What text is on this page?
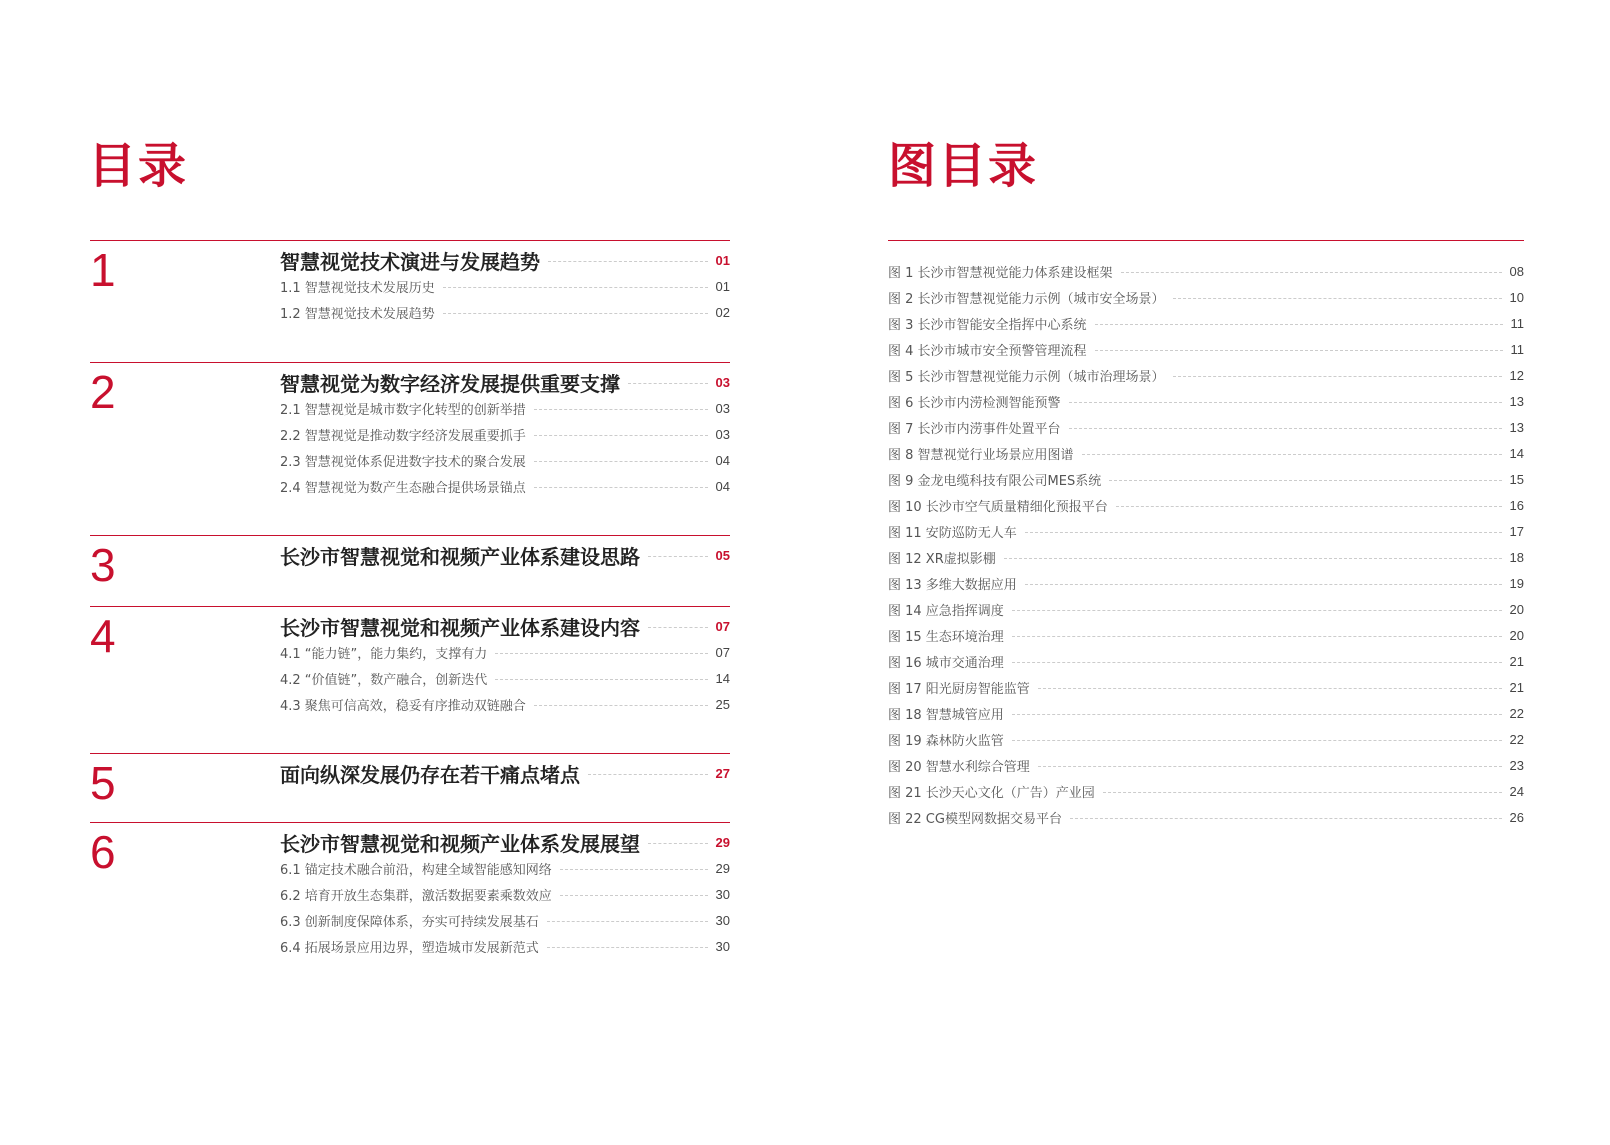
目录	图目录
1	智慧视觉技术演进与发展趋势	01
1.1 智慧视觉技术发展历史	01
1.2 智慧视觉技术发展趋势	02
2	智慧视觉为数字经济发展提供重要支撑	03
2.1 智慧视觉是城市数字化转型的创新举措	03
2.2 智慧视觉是推动数字经济发展重要抓手	03
2.3 智慧视觉体系促进数字技术的聚合发展	04
2.4 智慧视觉为数产生态融合提供场景锚点	04
3	长沙市智慧视觉和视频产业体系建设思路	05
4	长沙市智慧视觉和视频产业体系建设内容	07
4.1 “能力链”，能力集约，支撑有力	07
4.2 “价值链”，数产融合，创新迭代	14
4.3 聚焦可信高效，稳妥有序推动双链融合	25
5	面向纵深发展仍存在若干痛点堵点	27
6	长沙市智慧视觉和视频产业体系发展展望	29
6.1 锚定技术融合前沿，构建全域智能感知网络	29
6.2 培育开放生态集群，激活数据要素乘数效应	30
6.3 创新制度保障体系，夯实可持续发展基石	30
6.4 拓展场景应用边界，塑造城市发展新范式	30
图 1 长沙市智慧视觉能力体系建设框架	08
图 2 长沙市智慧视觉能力示例（城市安全场景）	10
图 3 长沙市智能安全指挥中心系统	11
图 4 长沙市城市安全预警管理流程	11
图 5 长沙市智慧视觉能力示例（城市治理场景）	12
图 6 长沙市内涝检测智能预警	13
图 7 长沙市内涝事件处置平台	13
图 8 智慧视觉行业场景应用图谱	14
图 9 金龙电缆科技有限公司MES系统	15
图 10 长沙市空气质量精细化预报平台	16
图 11 安防巡防无人车	17
图 12 XR虚拟影棚	18
图 13 多维大数据应用	19
图 14 应急指挥调度	20
图 15 生态环境治理	20
图 16 城市交通治理	21
图 17 阳光厨房智能监管	21
图 18 智慧城管应用	22
图 19 森林防火监管	22
图 20 智慧水利综合管理	23
图 21 长沙天心文化（广告）产业园	24
图 22 CG模型网数据交易平台	26
